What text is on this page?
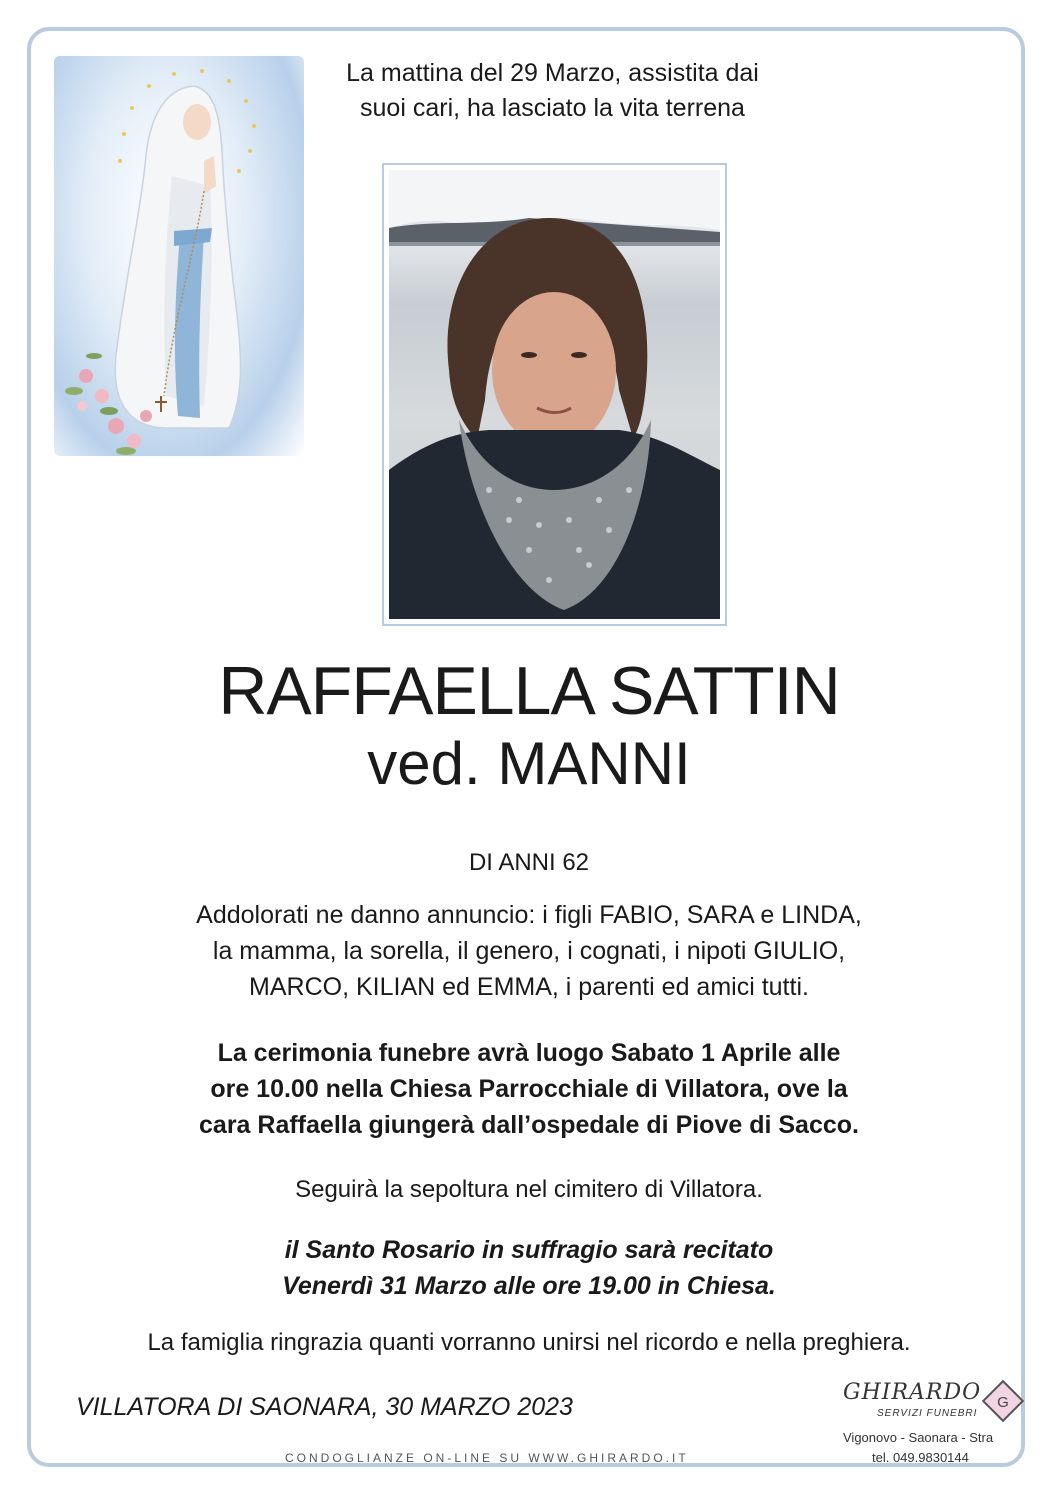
La mattina del 29 Marzo, assistita dai
suoi cari, ha lasciato la vita terrena
RAFFAELLA SATTIN
ved. MANNI
DI ANNI 62
Addolorati ne danno annuncio: i figli FABIO, SARA e LINDA,
la mamma, la sorella, il genero, i cognati, i nipoti GIULIO,
MARCO, KILIAN ed EMMA, i parenti ed amici tutti.
La cerimonia funebre avrà luogo Sabato 1 Aprile alle
ore 10.00 nella Chiesa Parrocchiale di Villatora, ove la
cara Raffaella giungerà dall’ospedale di Piove di Sacco.
Seguirà la sepoltura nel cimitero di Villatora.
il Santo Rosario in suffragio sarà recitato
Venerdì 31 Marzo alle ore 19.00 in Chiesa.
La famiglia ringrazia quanti vorranno unirsi nel ricordo e nella preghiera.
VILLATORA DI SAONARA, 30 MARZO 2023
CONDOGLIANZE ON-LINE SU WWW.GHIRARDO.IT
GHIRARDO
SERVIZI FUNEBRI
G
Vigonovo - Saonara - Stra
tel. 049.9830144
